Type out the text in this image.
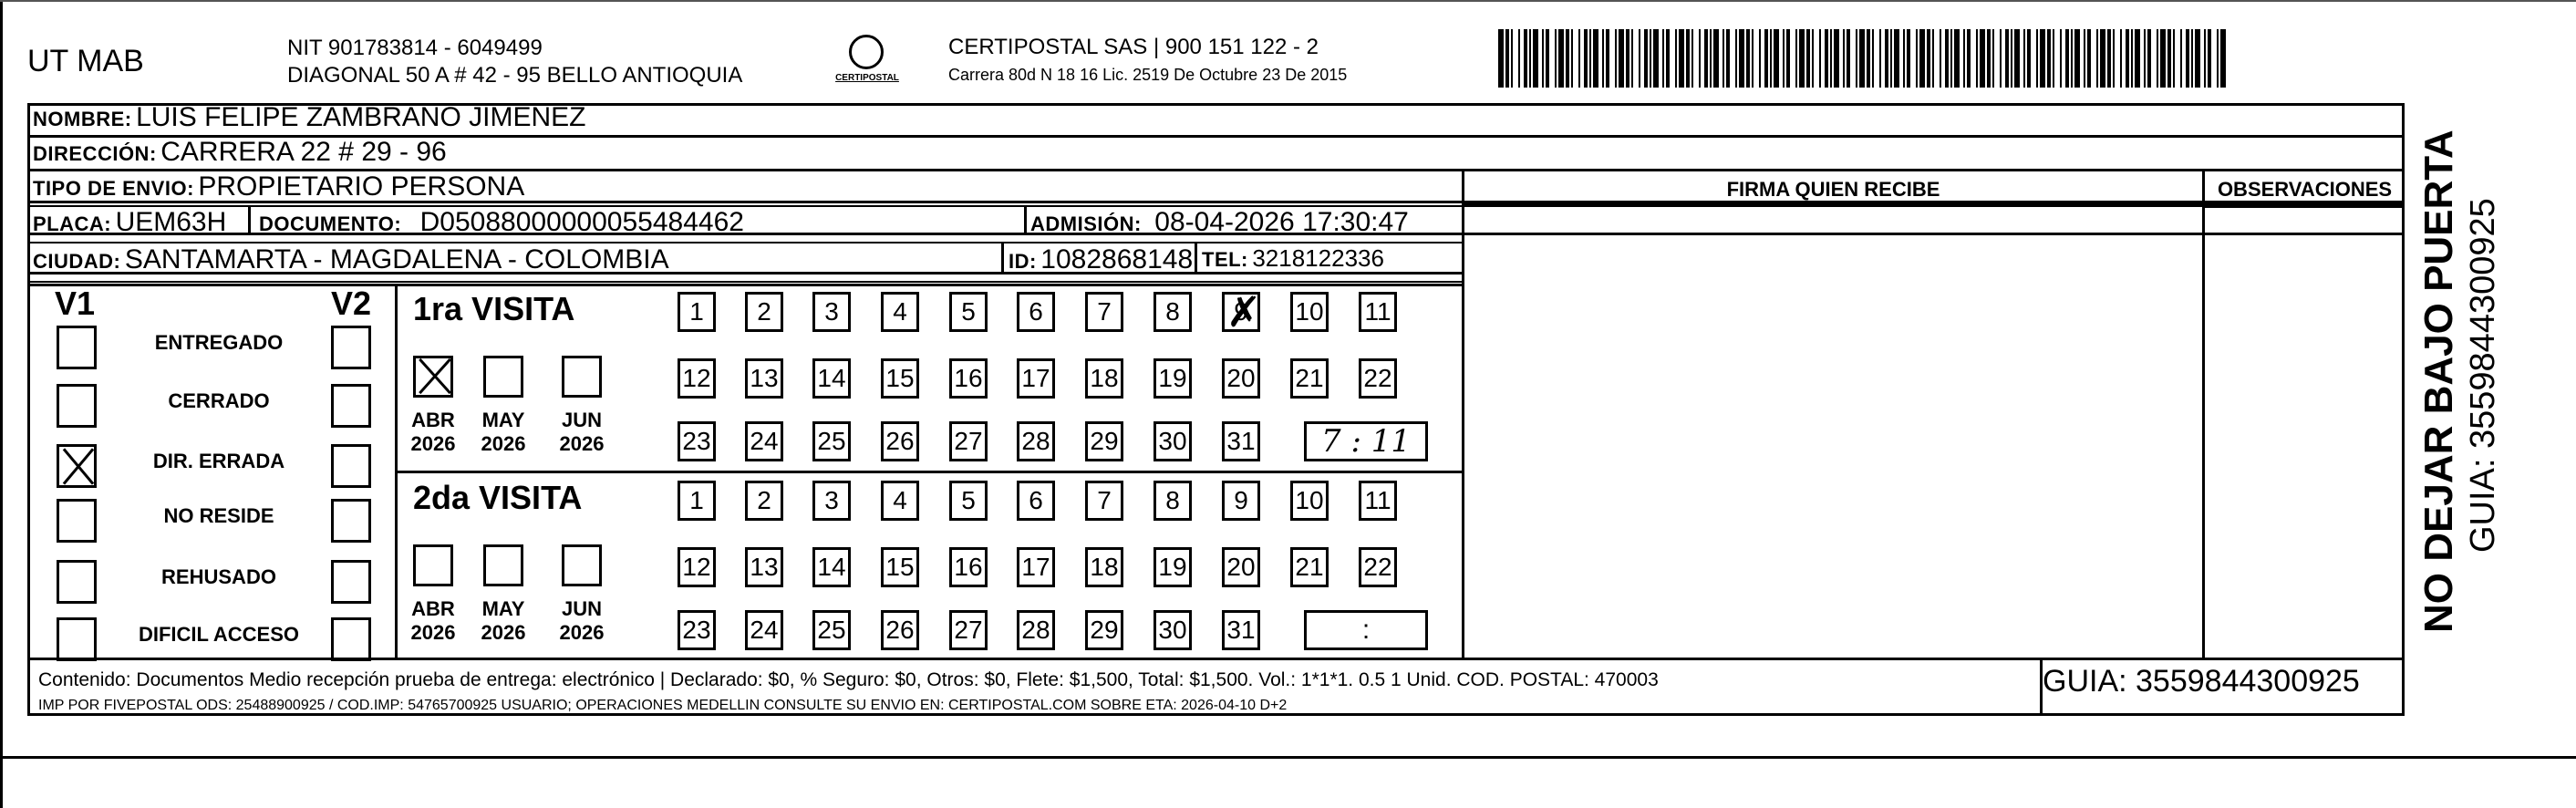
UT MAB	NIT 901783814 - 6049499
DIAGONAL 50 A # 42 - 95 BELLO ANTIOQUIA	CERTIPOSTAL
CERTIPOSTAL SAS | 900 151 122 - 2
Carrera 80d N 18 16 Lic. 2519 De Octubre 23 De 2015
NOMBRE: LUIS FELIPE ZAMBRANO JIMENEZ
DIRECCIÓN: CARRERA 22 # 29 - 96
TIPO DE ENVIO: PROPIETARIO PERSONA	FIRMA QUIEN RECIBE	OBSERVACIONES
PLACA: UEM63H DOCUMENTO: D05088000000055484462	ADMISIÓN: 08-04-2026 17:30:47
CIUDAD: SANTAMARTA - MAGDALENA - COLOMBIA	ID: 1082868148 TEL: 3218122336
V1	V2
ENTREGADO
CERRADO
DIR. ERRADA
NO RESIDE
REHUSADO
DIFICIL ACCESO
1ra VISITA
ABR
2026
MAY
2026
JUN
2026
1	2	3	4	5	6	7	8	9 ✗	10 11
12 13 14 15 16 17 18 19 20 21 22
23 24 25 26 27 28 29 30 31	7 : 11
2da VISITA
ABR
2026
MAY
2026
JUN
2026
1	2	3	4	5	6	7	8	9	10 11
12 13 14 15 16 17 18 19 20 21 22
23 24 25 26 27 28 29 30 31	:
Contenido: Documentos Medio recepción prueba de entrega: electrónico | Declarado: $0, % Seguro: $0, Otros: $0, Flete: $1,500, Total: $1,500. Vol.: 1*1*1. 0.5 1 Unid. COD. POSTAL: 470003
IMP POR FIVEPOSTAL ODS: 25488900925 / COD.IMP: 54765700925 USUARIO; OPERACIONES MEDELLIN CONSULTE SU ENVIO EN: CERTIPOSTAL.COM SOBRE ETA: 2026-04-10 D+2
GUIA: 3559844300925
NO DEJAR BAJO PUERTA GUIA: 3559844300925
